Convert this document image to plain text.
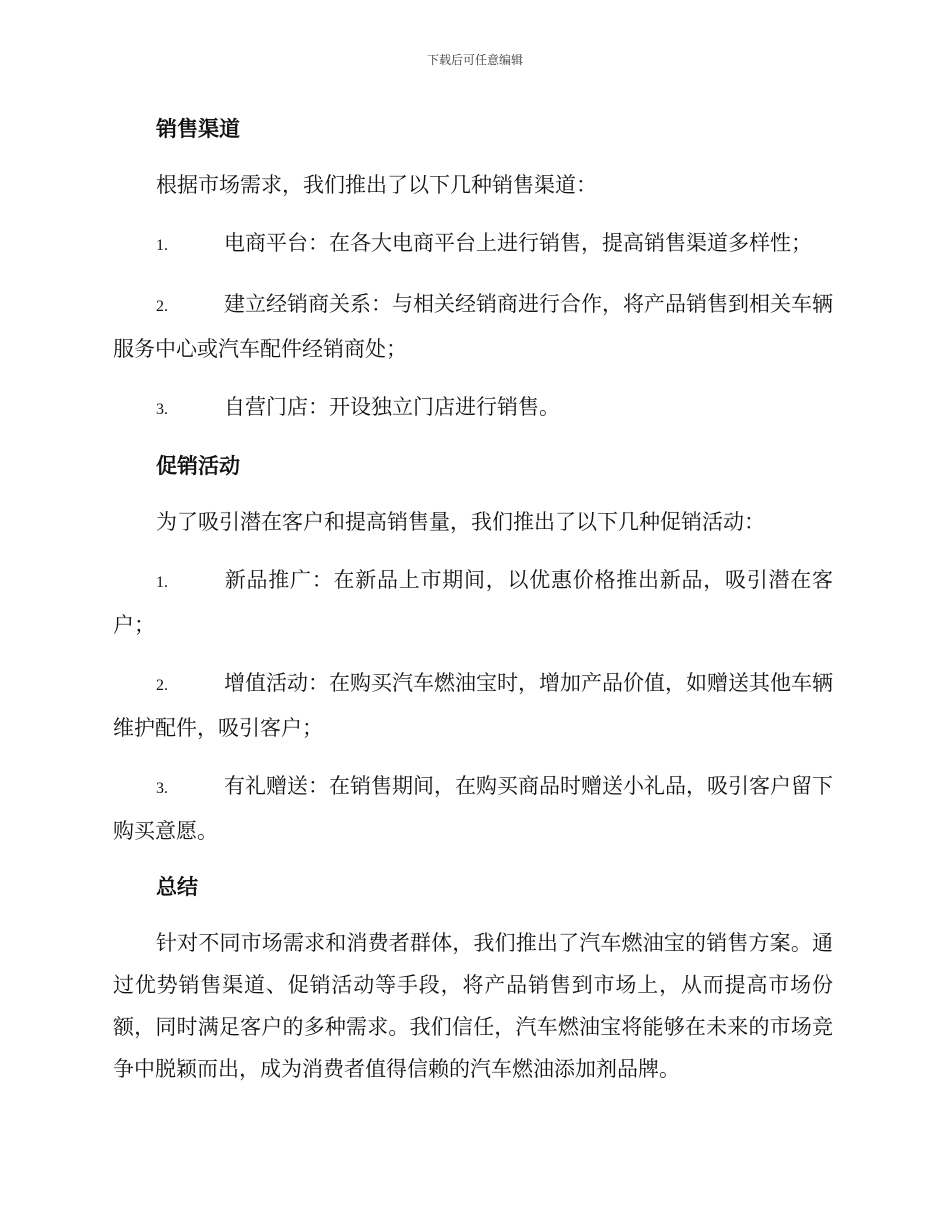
下载后可任意编辑
销售渠道

根据市场需求，我们推出了以下几种销售渠道：

1.	电商平台：在各大电商平台上进行销售，提高销售渠道多样性；

2.	建立经销商关系：与相关经销商进行合作，将产品销售到相关车辆服务中心或汽车配件经销商处；

3.	自营门店：开设独立门店进行销售。

促销活动

为了吸引潜在客户和提高销售量，我们推出了以下几种促销活动：

1.	新品推广：在新品上市期间，以优惠价格推出新品，吸引潜在客户；

2.	增值活动：在购买汽车燃油宝时，增加产品价值，如赠送其他车辆维护配件，吸引客户；

3.	有礼赠送：在销售期间，在购买商品时赠送小礼品，吸引客户留下购买意愿。

总结

针对不同市场需求和消费者群体，我们推出了汽车燃油宝的销售方案。通过优势销售渠道、促销活动等手段，将产品销售到市场上，从而提高市场份额，同时满足客户的多种需求。我们信任，汽车燃油宝将能够在未来的市场竞争中脱颖而出，成为消费者值得信赖的汽车燃油添加剂品牌。
